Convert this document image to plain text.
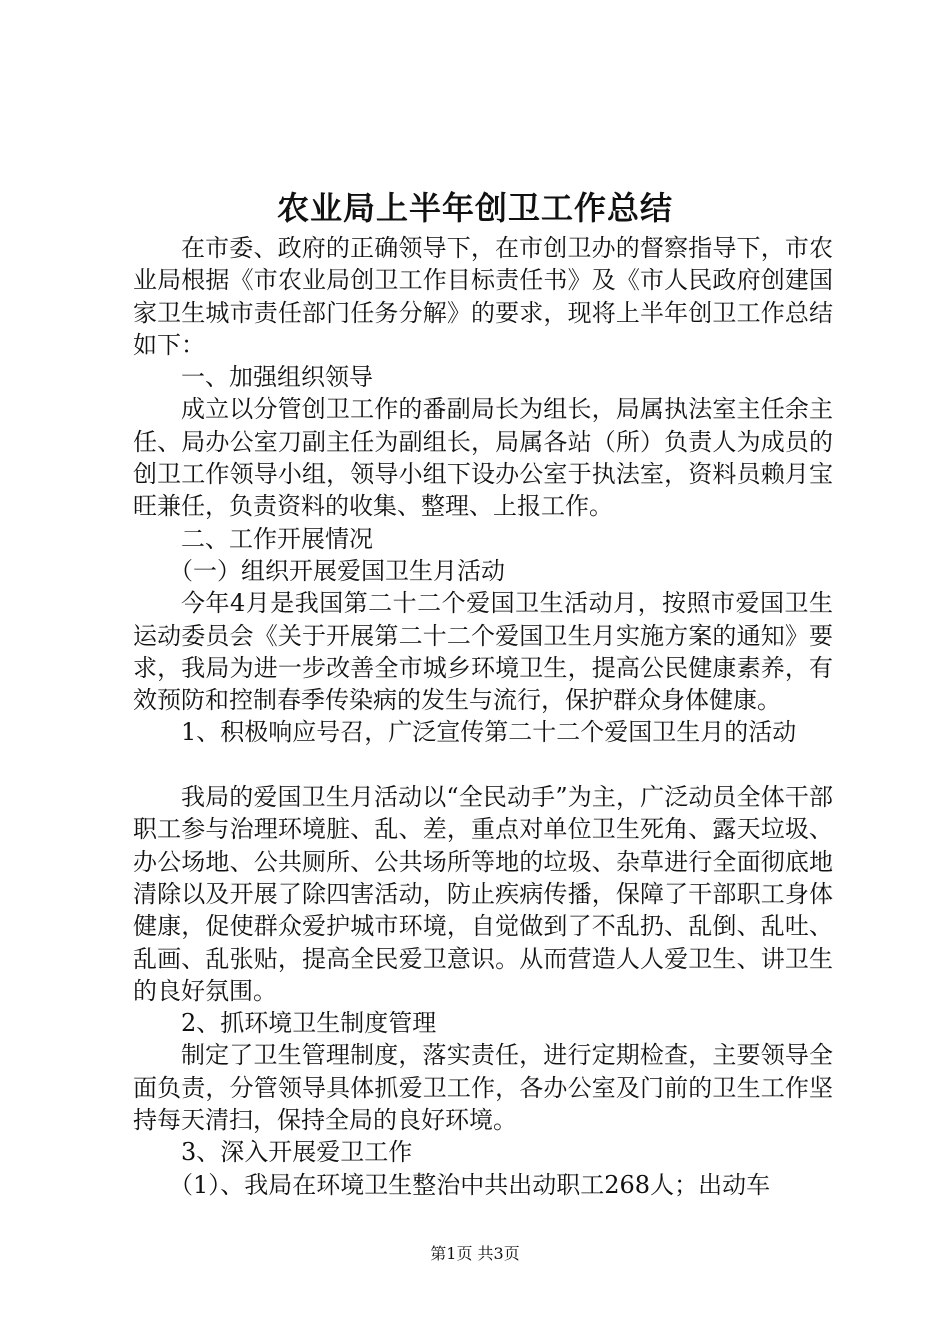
农业局上半年创卫工作总结

在市委、政府的正确领导下，在市创卫办的督察指导下，市农业局根据《市农业局创卫工作目标责任书》及《市人民政府创建国家卫生城市责任部门任务分解》的要求，现将上半年创卫工作总结如下：

一、加强组织领导

成立以分管创卫工作的番副局长为组长，局属执法室主任余主任、局办公室刀副主任为副组长，局属各站（所）负责人为成员的创卫工作领导小组，领导小组下设办公室于执法室，资料员赖月宝旺兼任，负责资料的收集、整理、上报工作。

二、工作开展情况

（一）组织开展爱国卫生月活动

今年4月是我国第二十二个爱国卫生活动月，按照市爱国卫生运动委员会《关于开展第二十二个爱国卫生月实施方案的通知》要求，我局为进一步改善全市城乡环境卫生，提高公民健康素养，有效预防和控制春季传染病的发生与流行，保护群众身体健康。

1、积极响应号召，广泛宣传第二十二个爱国卫生月的活动

我局的爱国卫生月活动以“全民动手”为主，广泛动员全体干部职工参与治理环境脏、乱、差，重点对单位卫生死角、露天垃圾、办公场地、公共厕所、公共场所等地的垃圾、杂草进行全面彻底地清除以及开展了除四害活动，防止疾病传播，保障了干部职工身体健康，促使群众爱护城市环境，自觉做到了不乱扔、乱倒、乱吐、乱画、乱张贴，提高全民爱卫意识。从而营造人人爱卫生、讲卫生的良好氛围。

2、抓环境卫生制度管理

制定了卫生管理制度，落实责任，进行定期检查，主要领导全面负责，分管领导具体抓爱卫工作，各办公室及门前的卫生工作坚持每天清扫，保持全局的良好环境。

3、深入开展爱卫工作

（1）、我局在环境卫生整治中共出动职工268人；出动车

第1页 共3页
